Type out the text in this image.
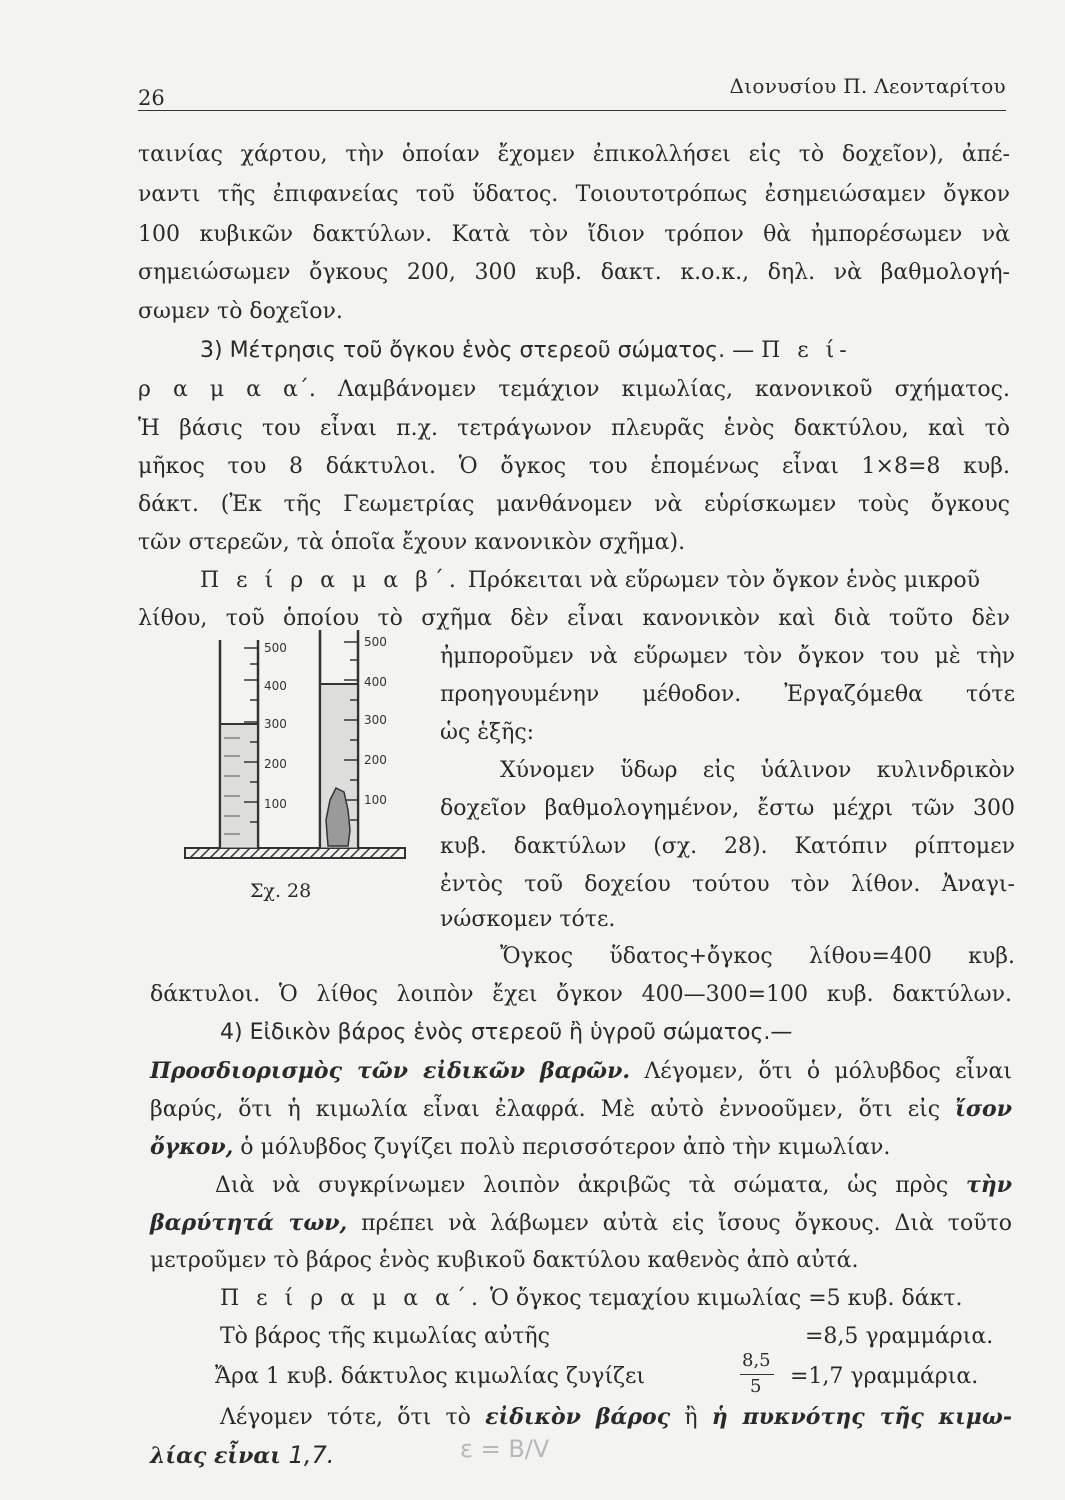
26	Διονυσίου Π. Λεονταρίτου
ταινίας χάρτου, τὴν ὁποίαν ἔχομεν ἐπικολλήσει εἰς τὸ δοχεῖον), ἀπέ-
ναντι τῆς ἐπιφανείας τοῦ ὕδατος. Τοιουτοτρόπως ἐσημειώσαμεν ὄγκον
100 κυβικῶν δακτύλων. Κατὰ τὸν ἴδιον τρόπον θὰ ἠμπορέσωμεν νὰ
σημειώσωμεν ὄγκους 200, 300 κυβ. δακτ. κ.ο.κ., δηλ. νὰ βαθμολογή-
σωμεν τὸ δοχεῖον.
3) Μέτρησις τοῦ ὄγκου ἑνὸς στερεοῦ σώματος. — Π ε ί-
ρ α μ α α΄. Λαμβάνομεν τεμάχιον κιμωλίας, κανονικοῦ σχήματος.
Ἡ βάσις του εἶναι π.χ. τετράγωνον πλευρᾶς ἑνὸς δακτύλου, καὶ τὸ
μῆκος του 8 δάκτυλοι. Ὁ ὄγκος του ἑπομένως εἶναι 1×8=8 κυβ.
δάκτ. (Ἐκ τῆς Γεωμετρίας μανθάνομεν νὰ εὑρίσκωμεν τοὺς ὄγκους
τῶν στερεῶν, τὰ ὁποῖα ἔχουν κανονικὸν σχῆμα).
Π ε ί ρ α μ α β΄. Πρόκειται νὰ εὕρωμεν τὸν ὄγκον ἑνὸς μικροῦ
λίθου, τοῦ ὁποίου τὸ σχῆμα δὲν εἶναι κανονικὸν καὶ διὰ τοῦτο δὲν
ἠμποροῦμεν νὰ εὕρωμεν τὸν ὄγκον του μὲ τὴν
προηγουμένην μέθοδον. Ἐργαζόμεθα τότε
ὡς ἑξῆς:
Χύνομεν ὕδωρ εἰς ὑάλινον κυλινδρικὸν
δοχεῖον βαθμολογημένον, ἔστω μέχρι τῶν 300
κυβ. δακτύλων (σχ. 28). Κατόπιν ρίπτομεν
ἐντὸς τοῦ δοχείου τούτου τὸν λίθον. Ἀναγι-
νώσκομεν τότε.
Ὄγκος ὕδατος+ὄγκος λίθου=400 κυβ.
500
400
300
200
100
500
400
300
200
100
Σχ. 28
δάκτυλοι. Ὁ λίθος λοιπὸν ἔχει ὄγκον 400—300=100 κυβ. δακτύλων.
4) Εἰδικὸν βάρος ἑνὸς στερεοῦ ἢ ὑγροῦ σώματος.—
Προσδιορισμὸς τῶν εἰδικῶν βαρῶν. Λέγομεν, ὅτι ὁ μόλυβδος εἶναι
βαρύς, ὅτι ἡ κιμωλία εἶναι ἐλαφρά. Μὲ αὐτὸ ἐννοοῦμεν, ὅτι εἰς ἴσον
ὄγκον, ὁ μόλυβδος ζυγίζει πολὺ περισσότερον ἀπὸ τὴν κιμωλίαν.
Διὰ νὰ συγκρίνωμεν λοιπὸν ἀκριβῶς τὰ σώματα, ὡς πρὸς τὴν
βαρύτητά των, πρέπει νὰ λάβωμεν αὐτὰ εἰς ἴσους ὄγκους. Διὰ τοῦτο
μετροῦμεν τὸ βάρος ἑνὸς κυβικοῦ δακτύλου καθενὸς ἀπὸ αὐτά.
Π ε ί ρ α μ α α΄. Ὁ ὄγκος τεμαχίου κιμωλίας =5 κυβ. δάκτ.
Τὸ βάρος τῆς κιμωλίας αὐτῆς	=8,5 γραμμάρια.
Ἄρα 1 κυβ. δάκτυλος κιμωλίας ζυγίζει
8,5
5 =1,7 γραμμάρια.
Λέγομεν τότε, ὅτι τὸ εἰδικὸν βάρος ἢ ἡ πυκνότης τῆς κιμω-
λίας εἶναι 1,7.	ε = B/V
